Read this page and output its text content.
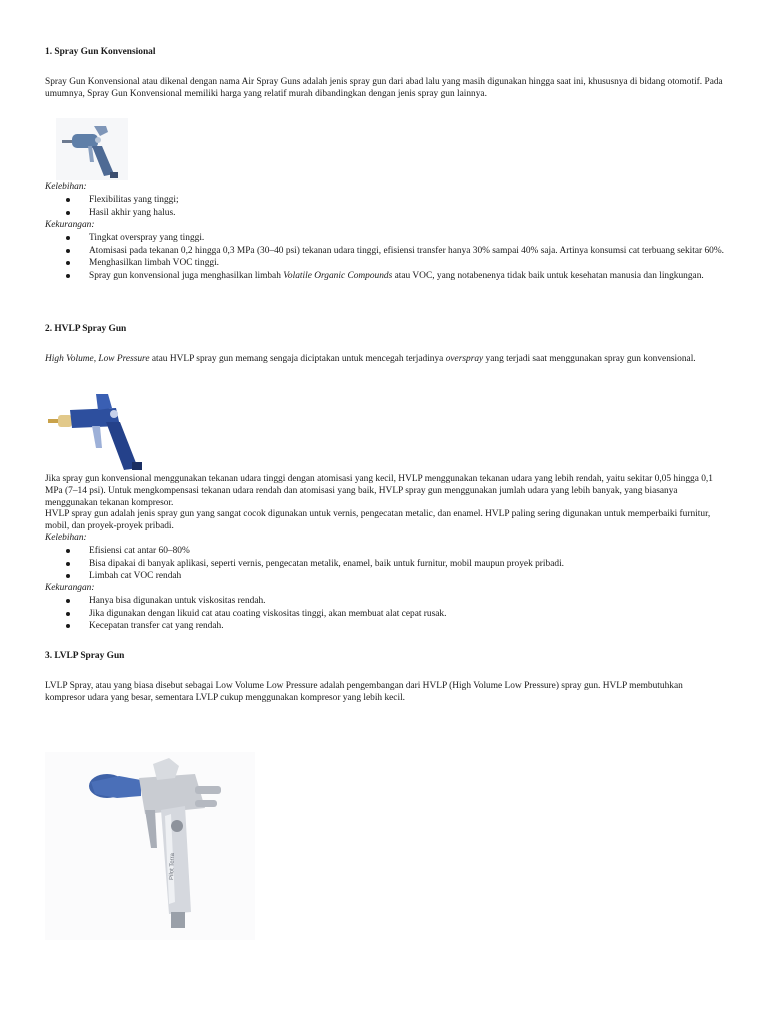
1. Spray Gun Konvensional

Spray Gun Konvensional atau dikenal dengan nama Air Spray Guns adalah jenis spray gun dari abad lalu yang masih digunakan hingga saat ini, khususnya di bidang otomotif. Pada umumnya, Spray Gun Konvensional memiliki harga yang relatif murah dibandingkan dengan jenis spray gun lainnya.

Kelebihan:
Flexibilitas yang tinggi;
Hasil akhir yang halus.
Kekurangan:
Tingkat overspray yang tinggi.
Atomisasi pada tekanan 0,2 hingga 0,3 MPa (30–40 psi) tekanan udara tinggi, efisiensi transfer hanya 30% sampai 40% saja. Artinya konsumsi cat terbuang sekitar 60%.
Menghasilkan limbah VOC tinggi.
Spray gun konvensional juga menghasilkan limbah Volatile Organic Compounds atau VOC, yang notabenenya tidak baik untuk kesehatan manusia dan lingkungan.
2. HVLP Spray Gun

High Volume, Low Pressure atau HVLP spray gun memang sengaja diciptakan untuk mencegah terjadinya overspray yang terjadi saat menggunakan spray gun konvensional.

Jika spray gun konvensional menggunakan tekanan udara tinggi dengan atomisasi yang kecil, HVLP menggunakan tekanan udara yang lebih rendah, yaitu sekitar 0,05 hingga 0,1 MPa (7–14 psi). Untuk mengkompensasi tekanan udara rendah dan atomisasi yang baik, HVLP spray gun menggunakan jumlah udara yang lebih banyak, yang biasanya menggunakan tekanan kompresor.

HVLP spray gun adalah jenis spray gun yang sangat cocok digunakan untuk vernis, pengecatan metalic, dan enamel. HVLP paling sering digunakan untuk memperbaiki furnitur, mobil, dan proyek-proyek pribadi.

Kelebihan:
Efisiensi cat antar 60–80%
Bisa dipakai di banyak aplikasi, seperti vernis, pengecatan metalik, enamel, baik untuk furnitur, mobil maupun proyek pribadi.
Limbah cat VOC rendah
Kekurangan:
Hanya bisa digunakan untuk viskositas rendah.
Jika digunakan dengan likuid cat atau coating viskositas tinggi, akan membuat alat cepat rusak.
Kecepatan transfer cat yang rendah.
3. LVLP Spray Gun

LVLP Spray, atau yang biasa disebut sebagai Low Volume Low Pressure adalah pengembangan dari HVLP (High Volume Low Pressure) spray gun. HVLP membutuhkan kompresor udara yang besar, sementara LVLP cukup menggunakan kompresor yang lebih kecil.

Pilot Terra
